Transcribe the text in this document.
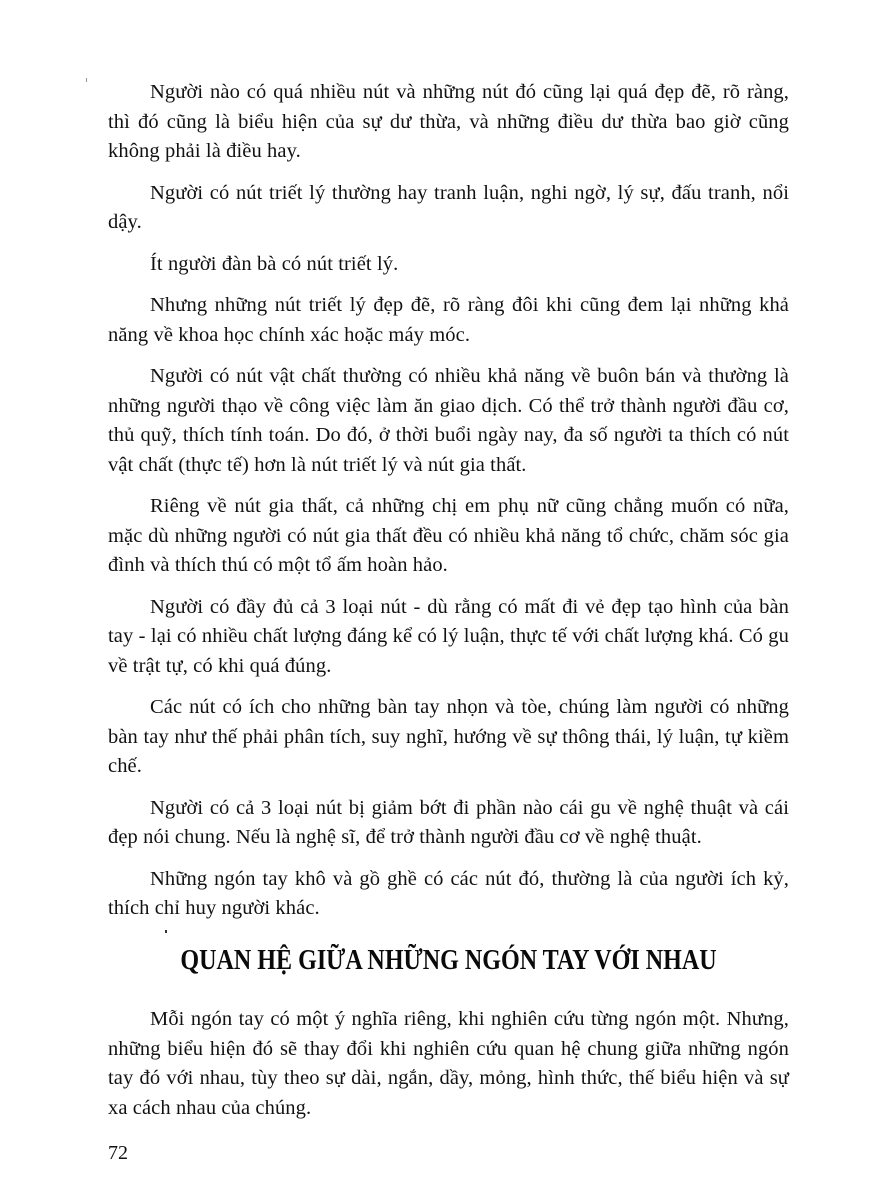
Người nào có quá nhiều nút và những nút đó cũng lại quá đẹp đẽ, rõ ràng, thì đó cũng là biểu hiện của sự dư thừa, và những điều dư thừa bao giờ cũng không phải là điều hay.

Người có nút triết lý thường hay tranh luận, nghi ngờ, lý sự, đấu tranh, nổi dậy.

Ít người đàn bà có nút triết lý.

Nhưng những nút triết lý đẹp đẽ, rõ ràng đôi khi cũng đem lại những khả năng về khoa học chính xác hoặc máy móc.

Người có nút vật chất thường có nhiều khả năng về buôn bán và thường là những người thạo về công việc làm ăn giao dịch. Có thể trở thành người đầu cơ, thủ quỹ, thích tính toán. Do đó, ở thời buổi ngày nay, đa số người ta thích có nút vật chất (thực tế) hơn là nút triết lý và nút gia thất.

Riêng về nút gia thất, cả những chị em phụ nữ cũng chẳng muốn có nữa, mặc dù những người có nút gia thất đều có nhiều khả năng tổ chức, chăm sóc gia đình và thích thú có một tổ ấm hoàn hảo.

Người có đầy đủ cả 3 loại nút - dù rằng có mất đi vẻ đẹp tạo hình của bàn tay - lại có nhiều chất lượng đáng kể có lý luận, thực tế với chất lượng khá. Có gu về trật tự, có khi quá đúng.

Các nút có ích cho những bàn tay nhọn và tòe, chúng làm người có những bàn tay như thế phải phân tích, suy nghĩ, hướng về sự thông thái, lý luận, tự kiềm chế.

Người có cả 3 loại nút bị giảm bớt đi phần nào cái gu về nghệ thuật và cái đẹp nói chung. Nếu là nghệ sĩ, để trở thành người đầu cơ về nghệ thuật.

Những ngón tay khô và gồ ghề có các nút đó, thường là của người ích kỷ, thích chỉ huy người khác.

QUAN HỆ GIỮA NHỮNG NGÓN TAY VỚI NHAU

Mỗi ngón tay có một ý nghĩa riêng, khi nghiên cứu từng ngón một. Nhưng, những biểu hiện đó sẽ thay đổi khi nghiên cứu quan hệ chung giữa những ngón tay đó với nhau, tùy theo sự dài, ngắn, dầy, mỏng, hình thức, thế biểu hiện và sự xa cách nhau của chúng.

72
